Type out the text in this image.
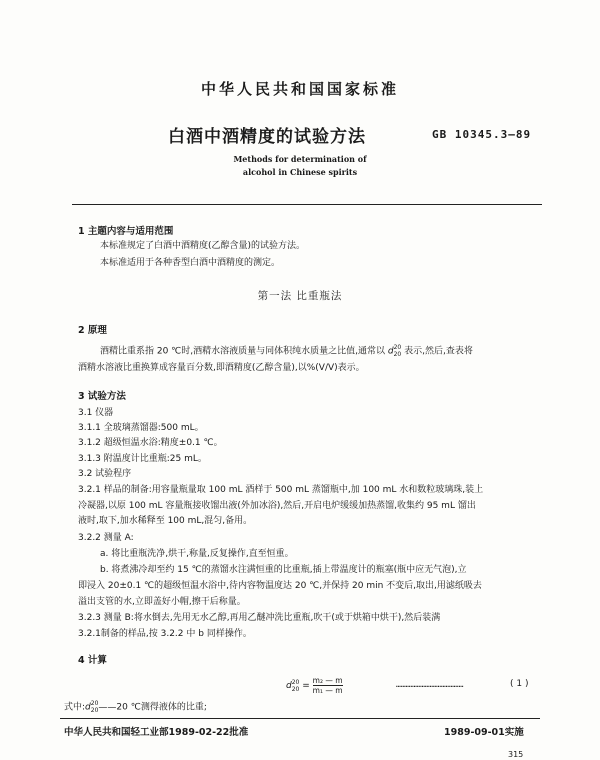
中华人民共和国国家标准
白酒中酒精度的试验方法	GB 10345.3—89
Methods for determination of
alcohol in Chinese spirits
1 主题内容与适用范围
本标准规定了白酒中酒精度(乙醇含量)的试验方法。
本标准适用于各种香型白酒中酒精度的测定。
第一法 比重瓶法
2 原理
酒精比重系指 20 ℃时,酒精水溶液质量与同体积纯水质量之比值,通常以 d20
20 表示,然后,查表将
酒精水溶液比重换算成容量百分数,即酒精度(乙醇含量),以%(V/V)表示。
3 试验方法
3.1 仪器
3.1.1 全玻璃蒸馏器:500 mL。
3.1.2 超级恒温水浴:精度±0.1 ℃。
3.1.3 附温度计比重瓶:25 mL。
3.2 试验程序
3.2.1 样品的制备:用容量瓶量取 100 mL 酒样于 500 mL 蒸馏瓶中,加 100 mL 水和数粒玻璃珠,装上
冷凝器,以原 100 mL 容量瓶接收馏出液(外加冰浴),然后,开启电炉缓缓加热蒸馏,收集约 95 mL 馏出
液时,取下,加水稀释至 100 mL,混匀,备用。
3.2.2 测量 A:
a. 将比重瓶洗净,烘干,称量,反复操作,直至恒重。
b. 将煮沸冷却至约 15 ℃的蒸馏水注满恒重的比重瓶,插上带温度计的瓶塞(瓶中应无气泡),立
即浸入 20±0.1 ℃的超级恒温水浴中,待内容物温度达 20 ℃,并保持 20 min 不变后,取出,用滤纸吸去
溢出支管的水,立即盖好小帽,擦干后称量。
3.2.3 测量 B:将水倒去,先用无水乙醇,再用乙醚冲洗比重瓶,吹干(或于烘箱中烘干),然后装满
3.2.1制备的样品,按 3.2.2 中 b 同样操作。
4 计算
d20
$20 = \frac{\text{m₂ — m}}{\text{m₁ — m}}$	……………………………………	( 1 )
式中:d20
20——20 ℃测得液体的比重;
中华人民共和国轻工业部1989-02-22批准	1989-09-01实施
315
